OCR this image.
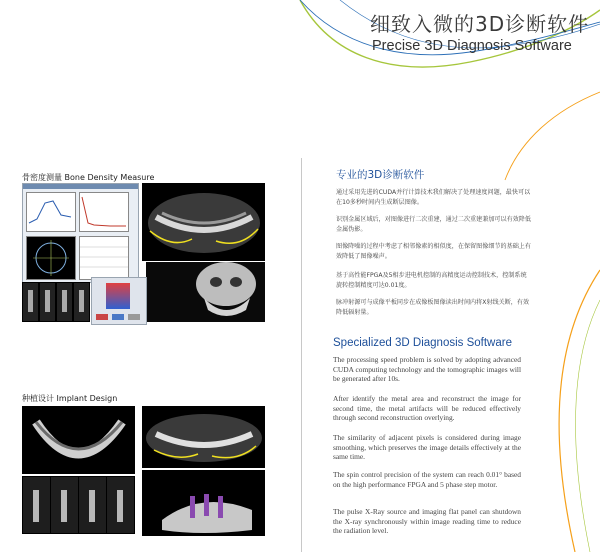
细致入微的3D诊断软件
Precise 3D Diagnosis Software
骨密度测量 Bone Density Measure
种植设计 Implant Design
专业的3D诊断软件
通过采用先进的CUDA并行计算技术我们解决了处理速度问题，最快可以在10多秒时间内生成断层图像。
识别金属区域后，对图像进行二次重建，通过二次重建兼加可以有效降低金属伪影。
图像降噪的过程中考虑了相邻像素的相似度，在保留图像细节的基础上有效降低了图像噪声。
基于高性能FPGA及5相步进电机控制的高精度运动控制技术，控制系统旋转控制精度可达0.01度。
脉冲射源可与成像平板同步在成像板图像读出时间内将X射线关断，有效降低辐射量。
Specialized 3D Diagnosis Software
The processing speed problem is solved by adopting advanced CUDA computing technology and the tomographic images will be generated after 10s.
After identify the metal area and reconstruct the image for second time, the metal artifacts will be reduced effectively through second reconstruction overlying.
The similarity of adjacent pixels is considered during image smoothing, which preserves the image details effectively at the same time.
The spin control precision of the system can reach 0.01° based on the high performance FPGA and 5 phase step motor.
The pulse X-Ray source and imaging flat panel can shutdown the X-ray synchronously within image reading time to reduce the radiation level.
